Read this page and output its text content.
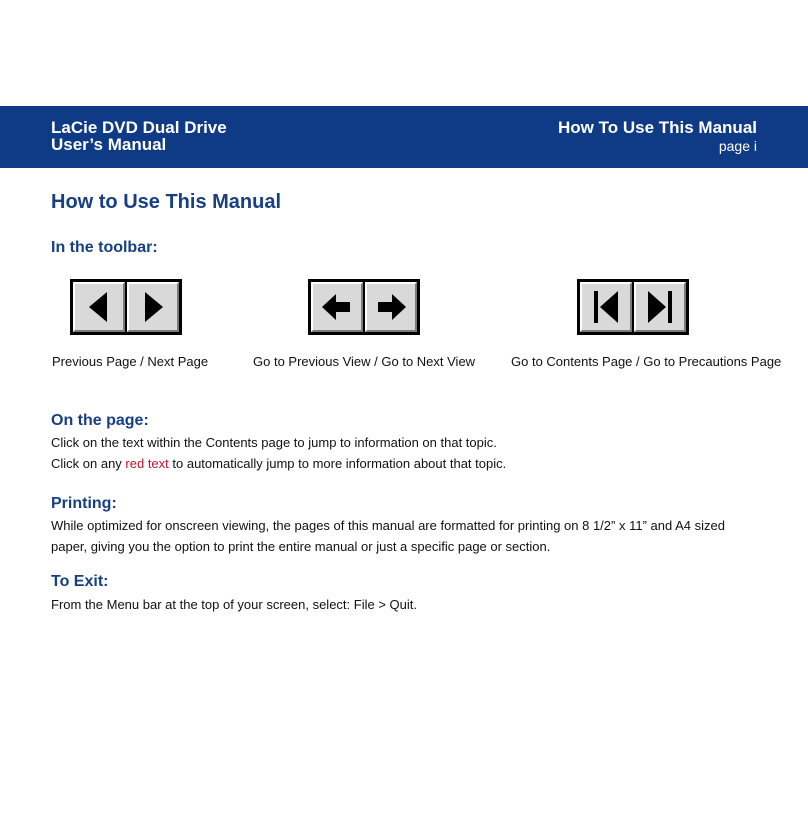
LaCie DVD Dual Drive
User’s Manual
How To Use This Manual
page i
How to Use This Manual
In the toolbar:
Previous Page / Next Page	Go to Previous View / Go to Next View	Go to Contents Page / Go to Precautions Page
On the page:

Click on the text within the Contents page to jump to information on that topic.

Click on any red text to automatically jump to more information about that topic.

Printing:

While optimized for onscreen viewing, the pages of this manual are formatted for printing on 8 1/2” x 11” and A4 sized

paper, giving you the option to print the entire manual or just a specific page or section.

To Exit:

From the Menu bar at the top of your screen, select: File > Quit.
